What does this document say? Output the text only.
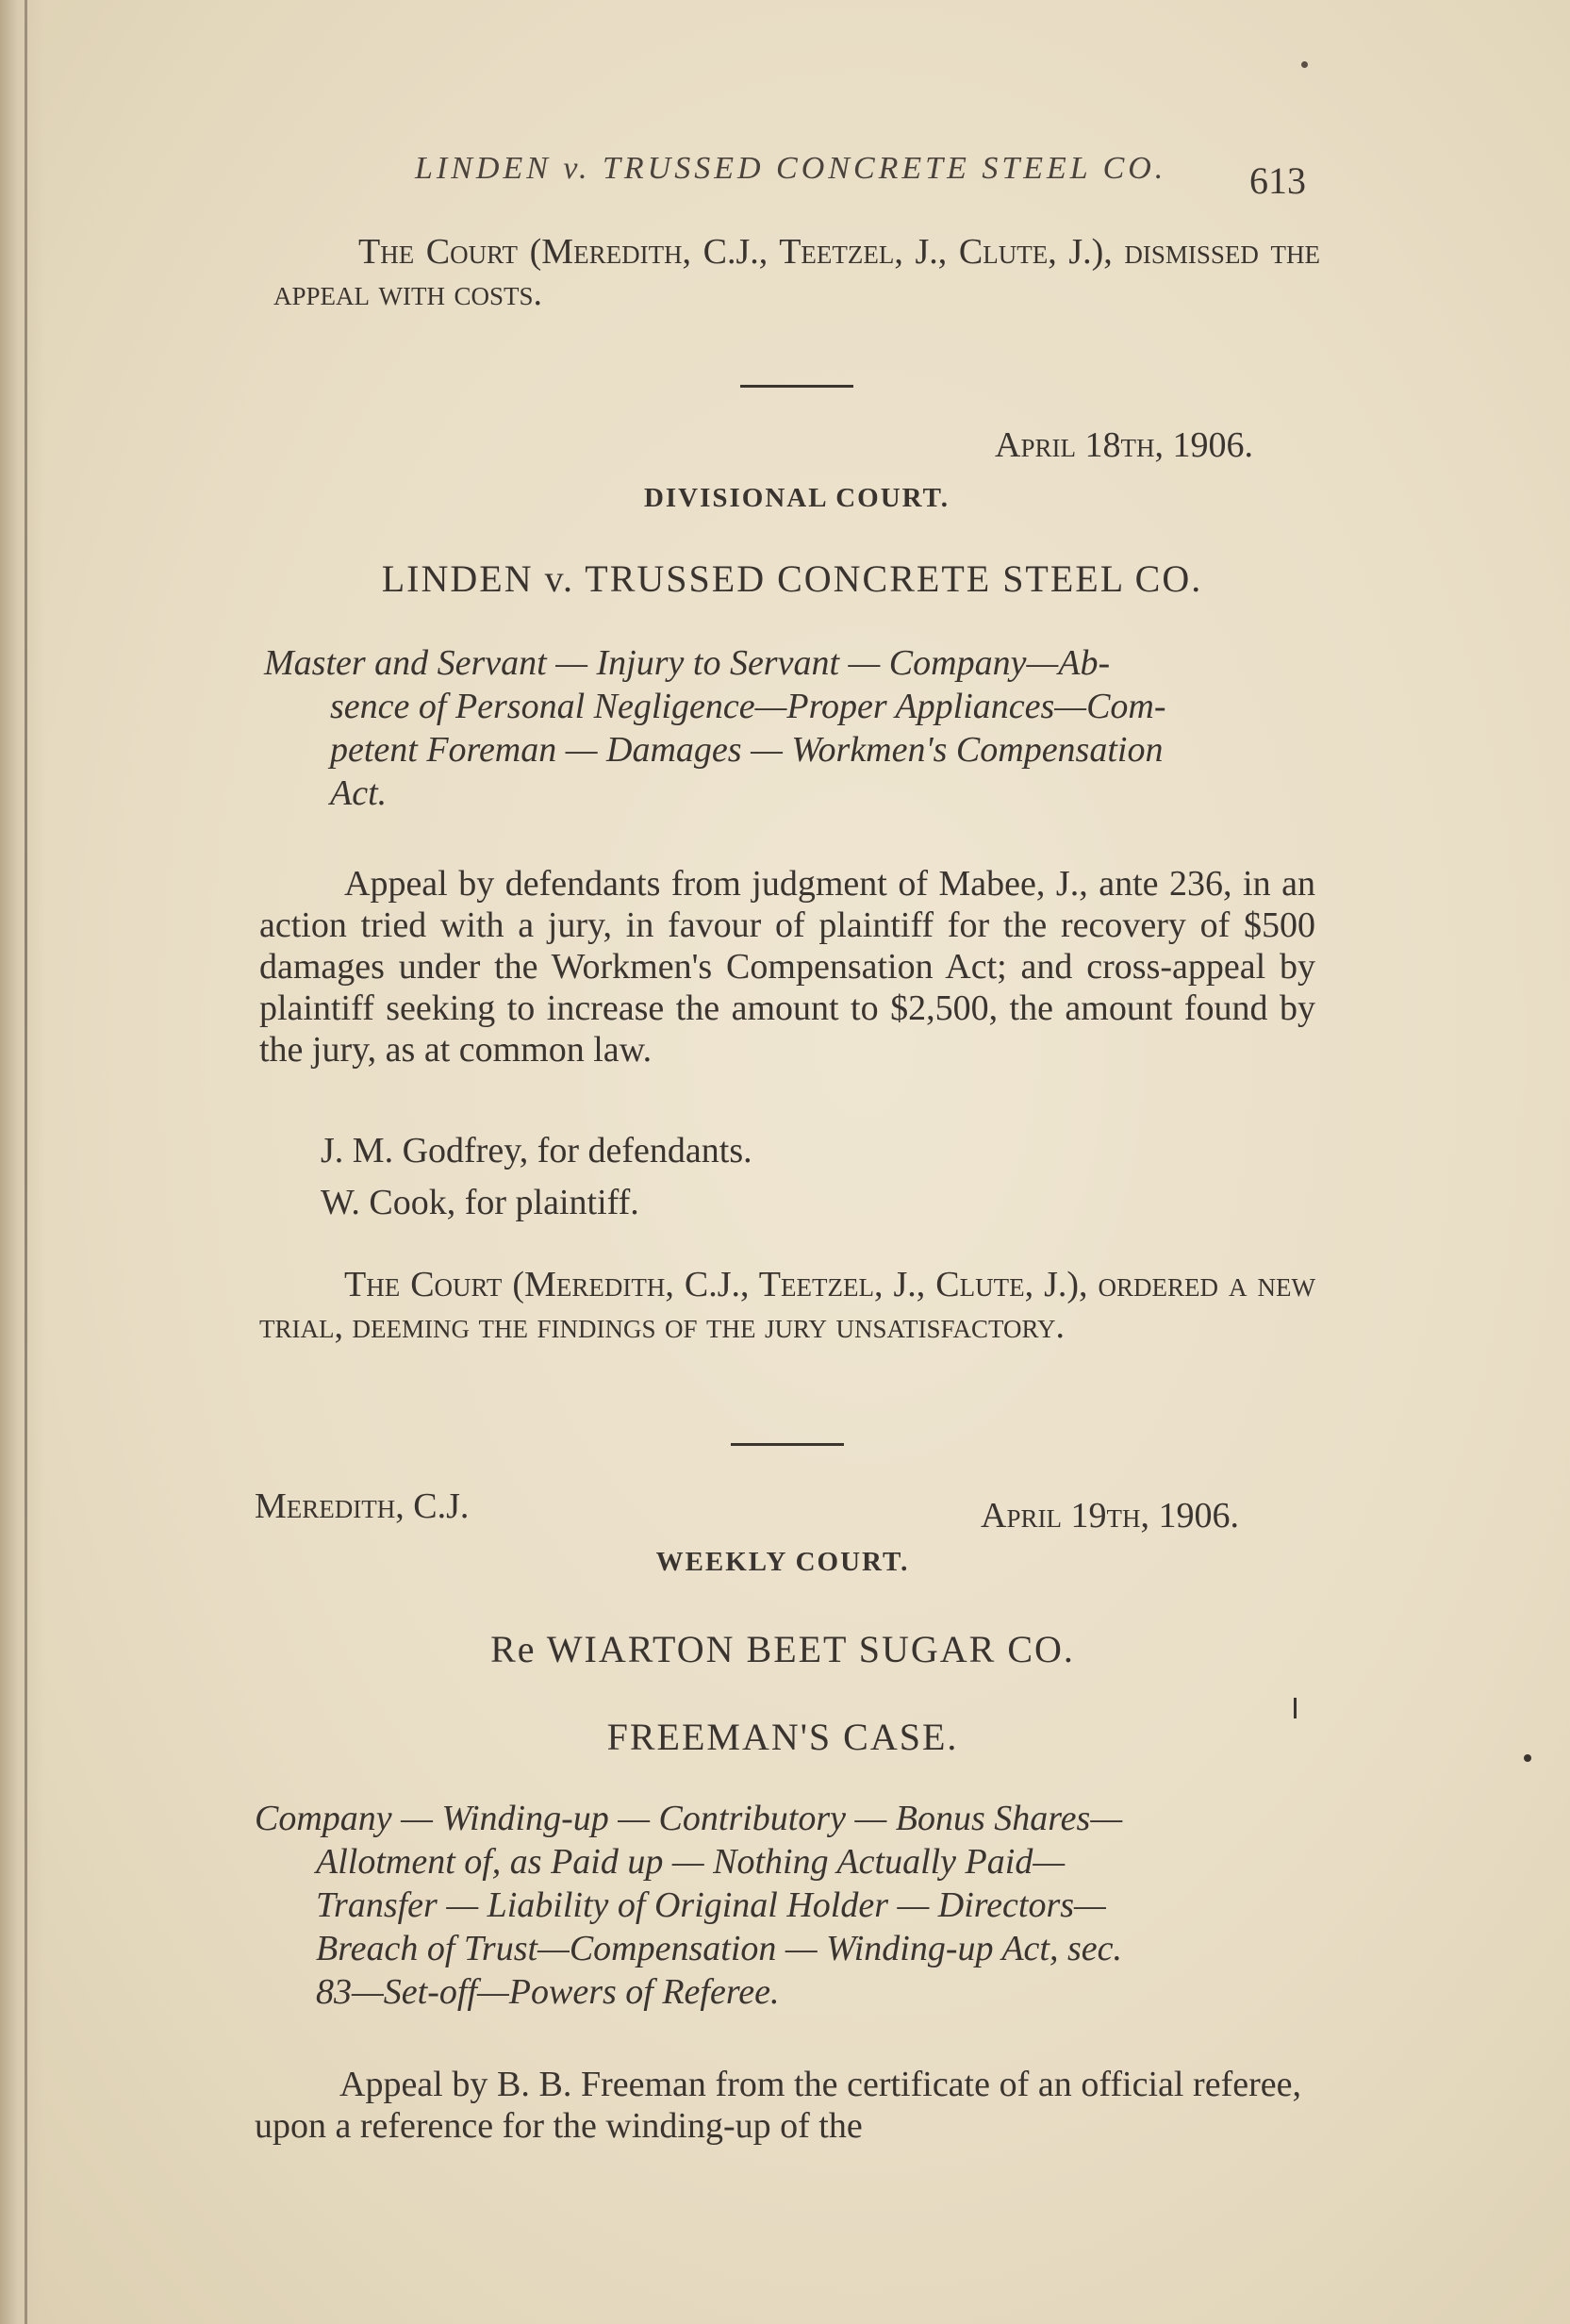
LINDEN v. TRUSSED CONCRETE STEEL CO.	613
The Court (Meredith, C.J., Teetzel, J., Clute, J.), dismissed the appeal with costs.
April 18th, 1906.
DIVISIONAL COURT.
LINDEN v. TRUSSED CONCRETE STEEL CO.
Master and Servant — Injury to Servant — Company—Ab-
sence of Personal Negligence—Proper Appliances—Com-
petent Foreman — Damages — Workmen's Compensation
Act.
Appeal by defendants from judgment of Mabee, J., ante 236, in an action tried with a jury, in favour of plaintiff for the recovery of $500 damages under the Workmen's Compensation Act; and cross-appeal by plaintiff seeking to increase the amount to $2,500, the amount found by the jury, as at common law.
J. M. Godfrey, for defendants.
W. Cook, for plaintiff.
The Court (Meredith, C.J., Teetzel, J., Clute, J.), ordered a new trial, deeming the findings of the jury unsatisfactory.
Meredith, C.J.	April 19th, 1906.
WEEKLY COURT.
Re WIARTON BEET SUGAR CO.
FREEMAN'S CASE.
Company — Winding-up — Contributory — Bonus Shares—
Allotment of, as Paid up — Nothing Actually Paid—
Transfer — Liability of Original Holder — Directors—
Breach of Trust—Compensation — Winding-up Act, sec.
83—Set-off—Powers of Referee.
Appeal by B. B. Freeman from the certificate of an official referee, upon a reference for the winding-up of the
